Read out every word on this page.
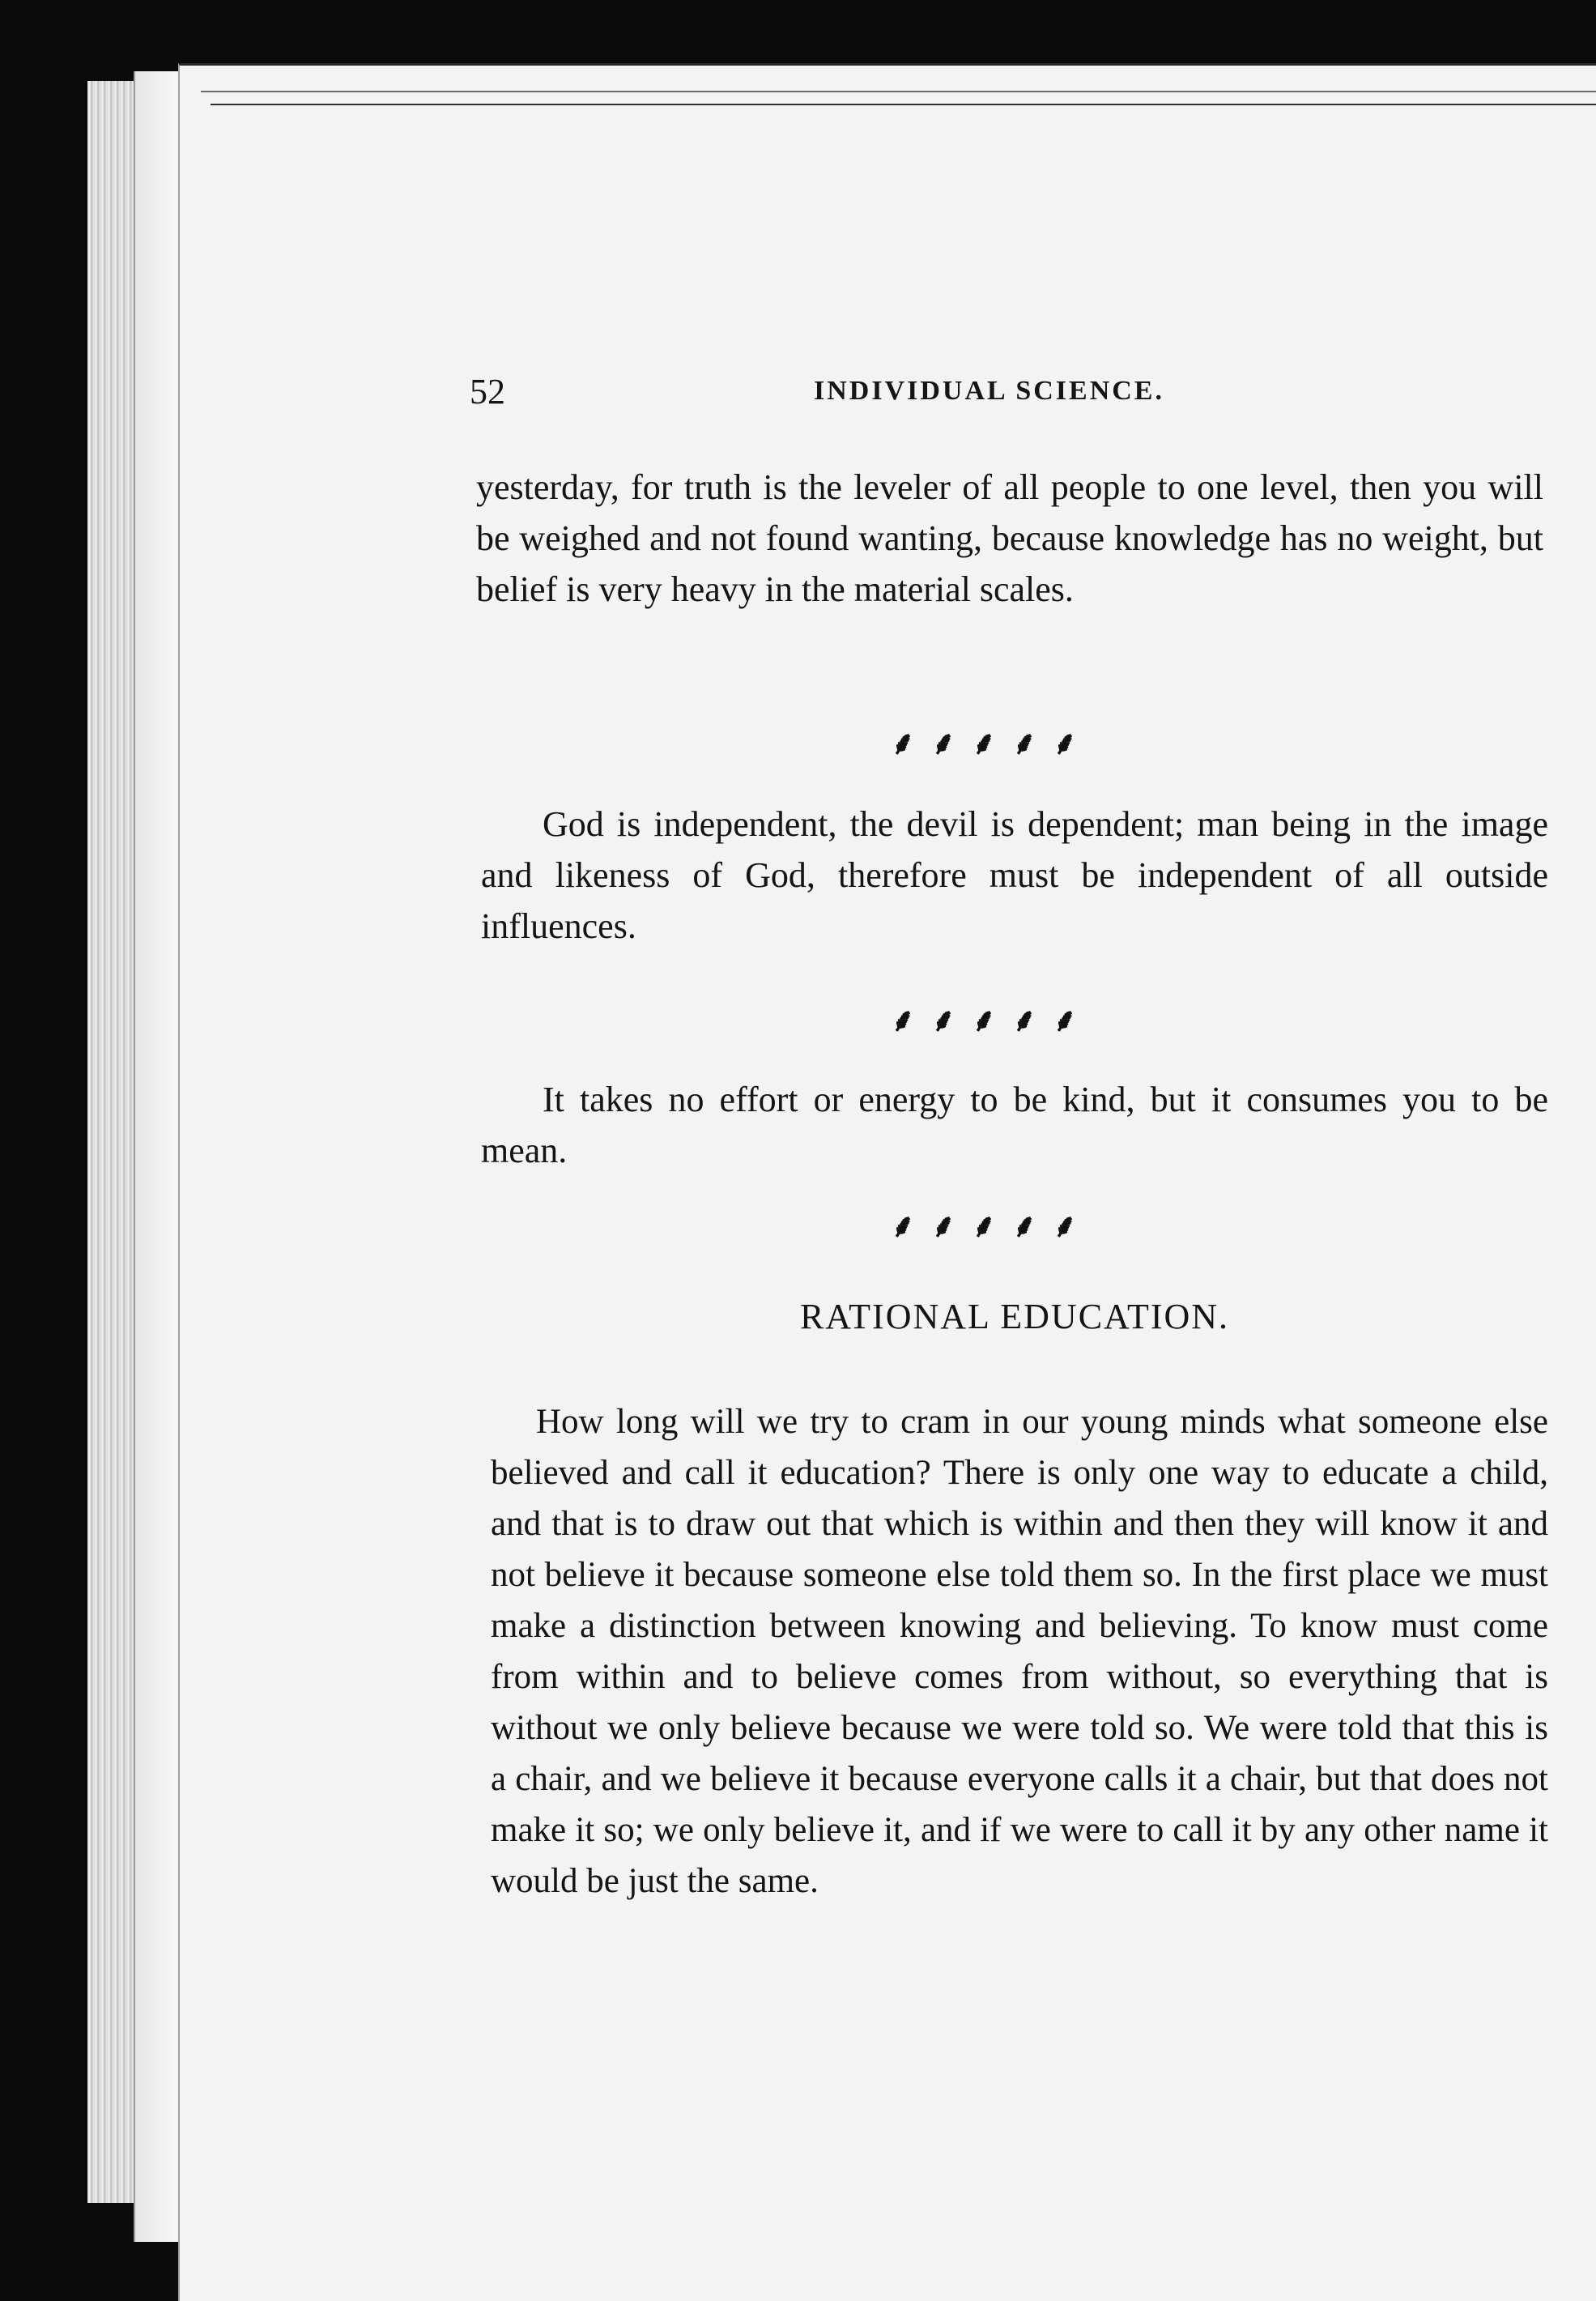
52	INDIVIDUAL SCIENCE.

yesterday, for truth is the leveler of all people to one level, then you will be weighed and not found wanting, because knowledge has no weight, but belief is very heavy in the material scales.

⸙⸙⸙⸙⸙

God is independent, the devil is dependent; man being in the image and likeness of God, therefore must be independent of all outside influences.

⸙⸙⸙⸙⸙

It takes no effort or energy to be kind, but it consumes you to be mean.

⸙⸙⸙⸙⸙
RATIONAL EDUCATION.

How long will we try to cram in our young minds what someone else believed and call it education? There is only one way to educate a child, and that is to draw out that which is within and then they will know it and not believe it because someone else told them so. In the first place we must make a distinction between knowing and believing. To know must come from within and to believe comes from without, so everything that is without we only believe because we were told so. We were told that this is a chair, and we believe it because everyone calls it a chair, but that does not make it so; we only believe it, and if we were to call it by any other name it would be just the same.
